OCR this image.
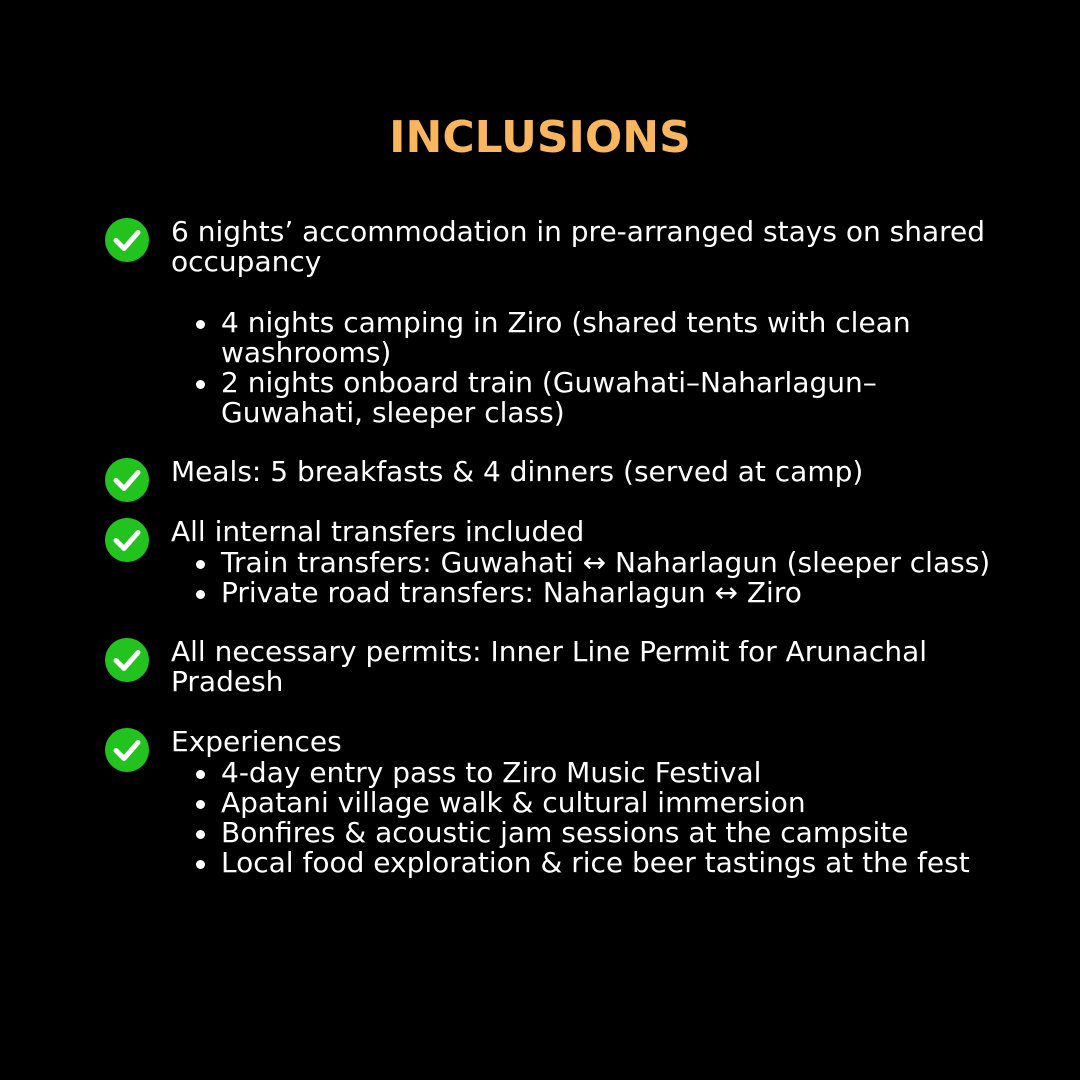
INCLUSIONS
6 nights’ accommodation in pre-arranged stays on shared occupancy
4 nights camping in Ziro (shared tents with clean washrooms)
2 nights onboard train (Guwahati–Naharlagun–Guwahati, sleeper class)
Meals: 5 breakfasts & 4 dinners (served at camp)
All internal transfers included
Train transfers: Guwahati ↔ Naharlagun (sleeper class)
Private road transfers: Naharlagun ↔ Ziro
All necessary permits: Inner Line Permit for Arunachal Pradesh
Experiences
4-day entry pass to Ziro Music Festival
Apatani village walk & cultural immersion
Bonfires & acoustic jam sessions at the campsite
Local food exploration & rice beer tastings at the fest
